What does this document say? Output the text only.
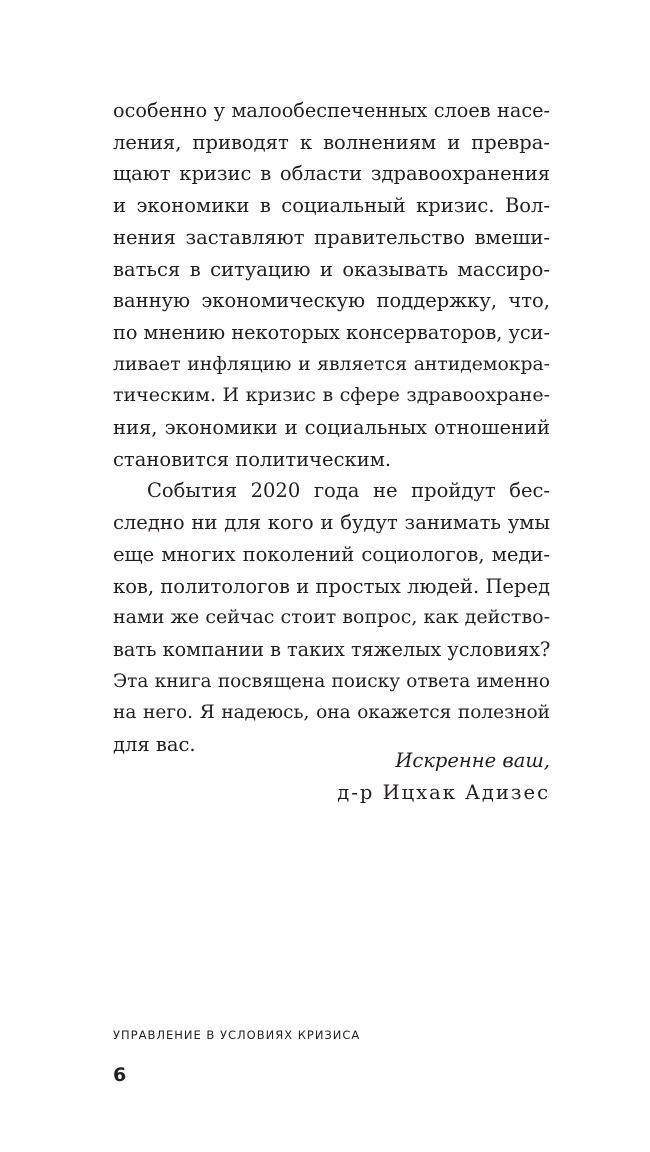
особенно у малообеспеченных слоев насе-
ления, приводят к волнениям и превра-
щают кризис в области здравоохранения
и экономики в социальный кризис. Вол-
нения заставляют правительство вмеши-
ваться в ситуацию и оказывать массиро-
ванную экономическую поддержку, что,
по мнению некоторых консерваторов, уси-
ливает инфляцию и является антидемокра-
тическим. И кризис в сфере здравоохране-
ния, экономики и социальных отношений
становится политическим.
События 2020 года не пройдут бес-
следно ни для кого и будут занимать умы
еще многих поколений социологов, меди-
ков, политологов и простых людей. Перед
нами же сейчас стоит вопрос, как действо-
вать компании в таких тяжелых условиях?
Эта книга посвящена поиску ответа именно
на него. Я надеюсь, она окажется полезной
для вас.
Искренне ваш,
д-р Ицхак Адизес
УПРАВЛЕНИЕ В УСЛОВИЯХ КРИЗИСА
6
